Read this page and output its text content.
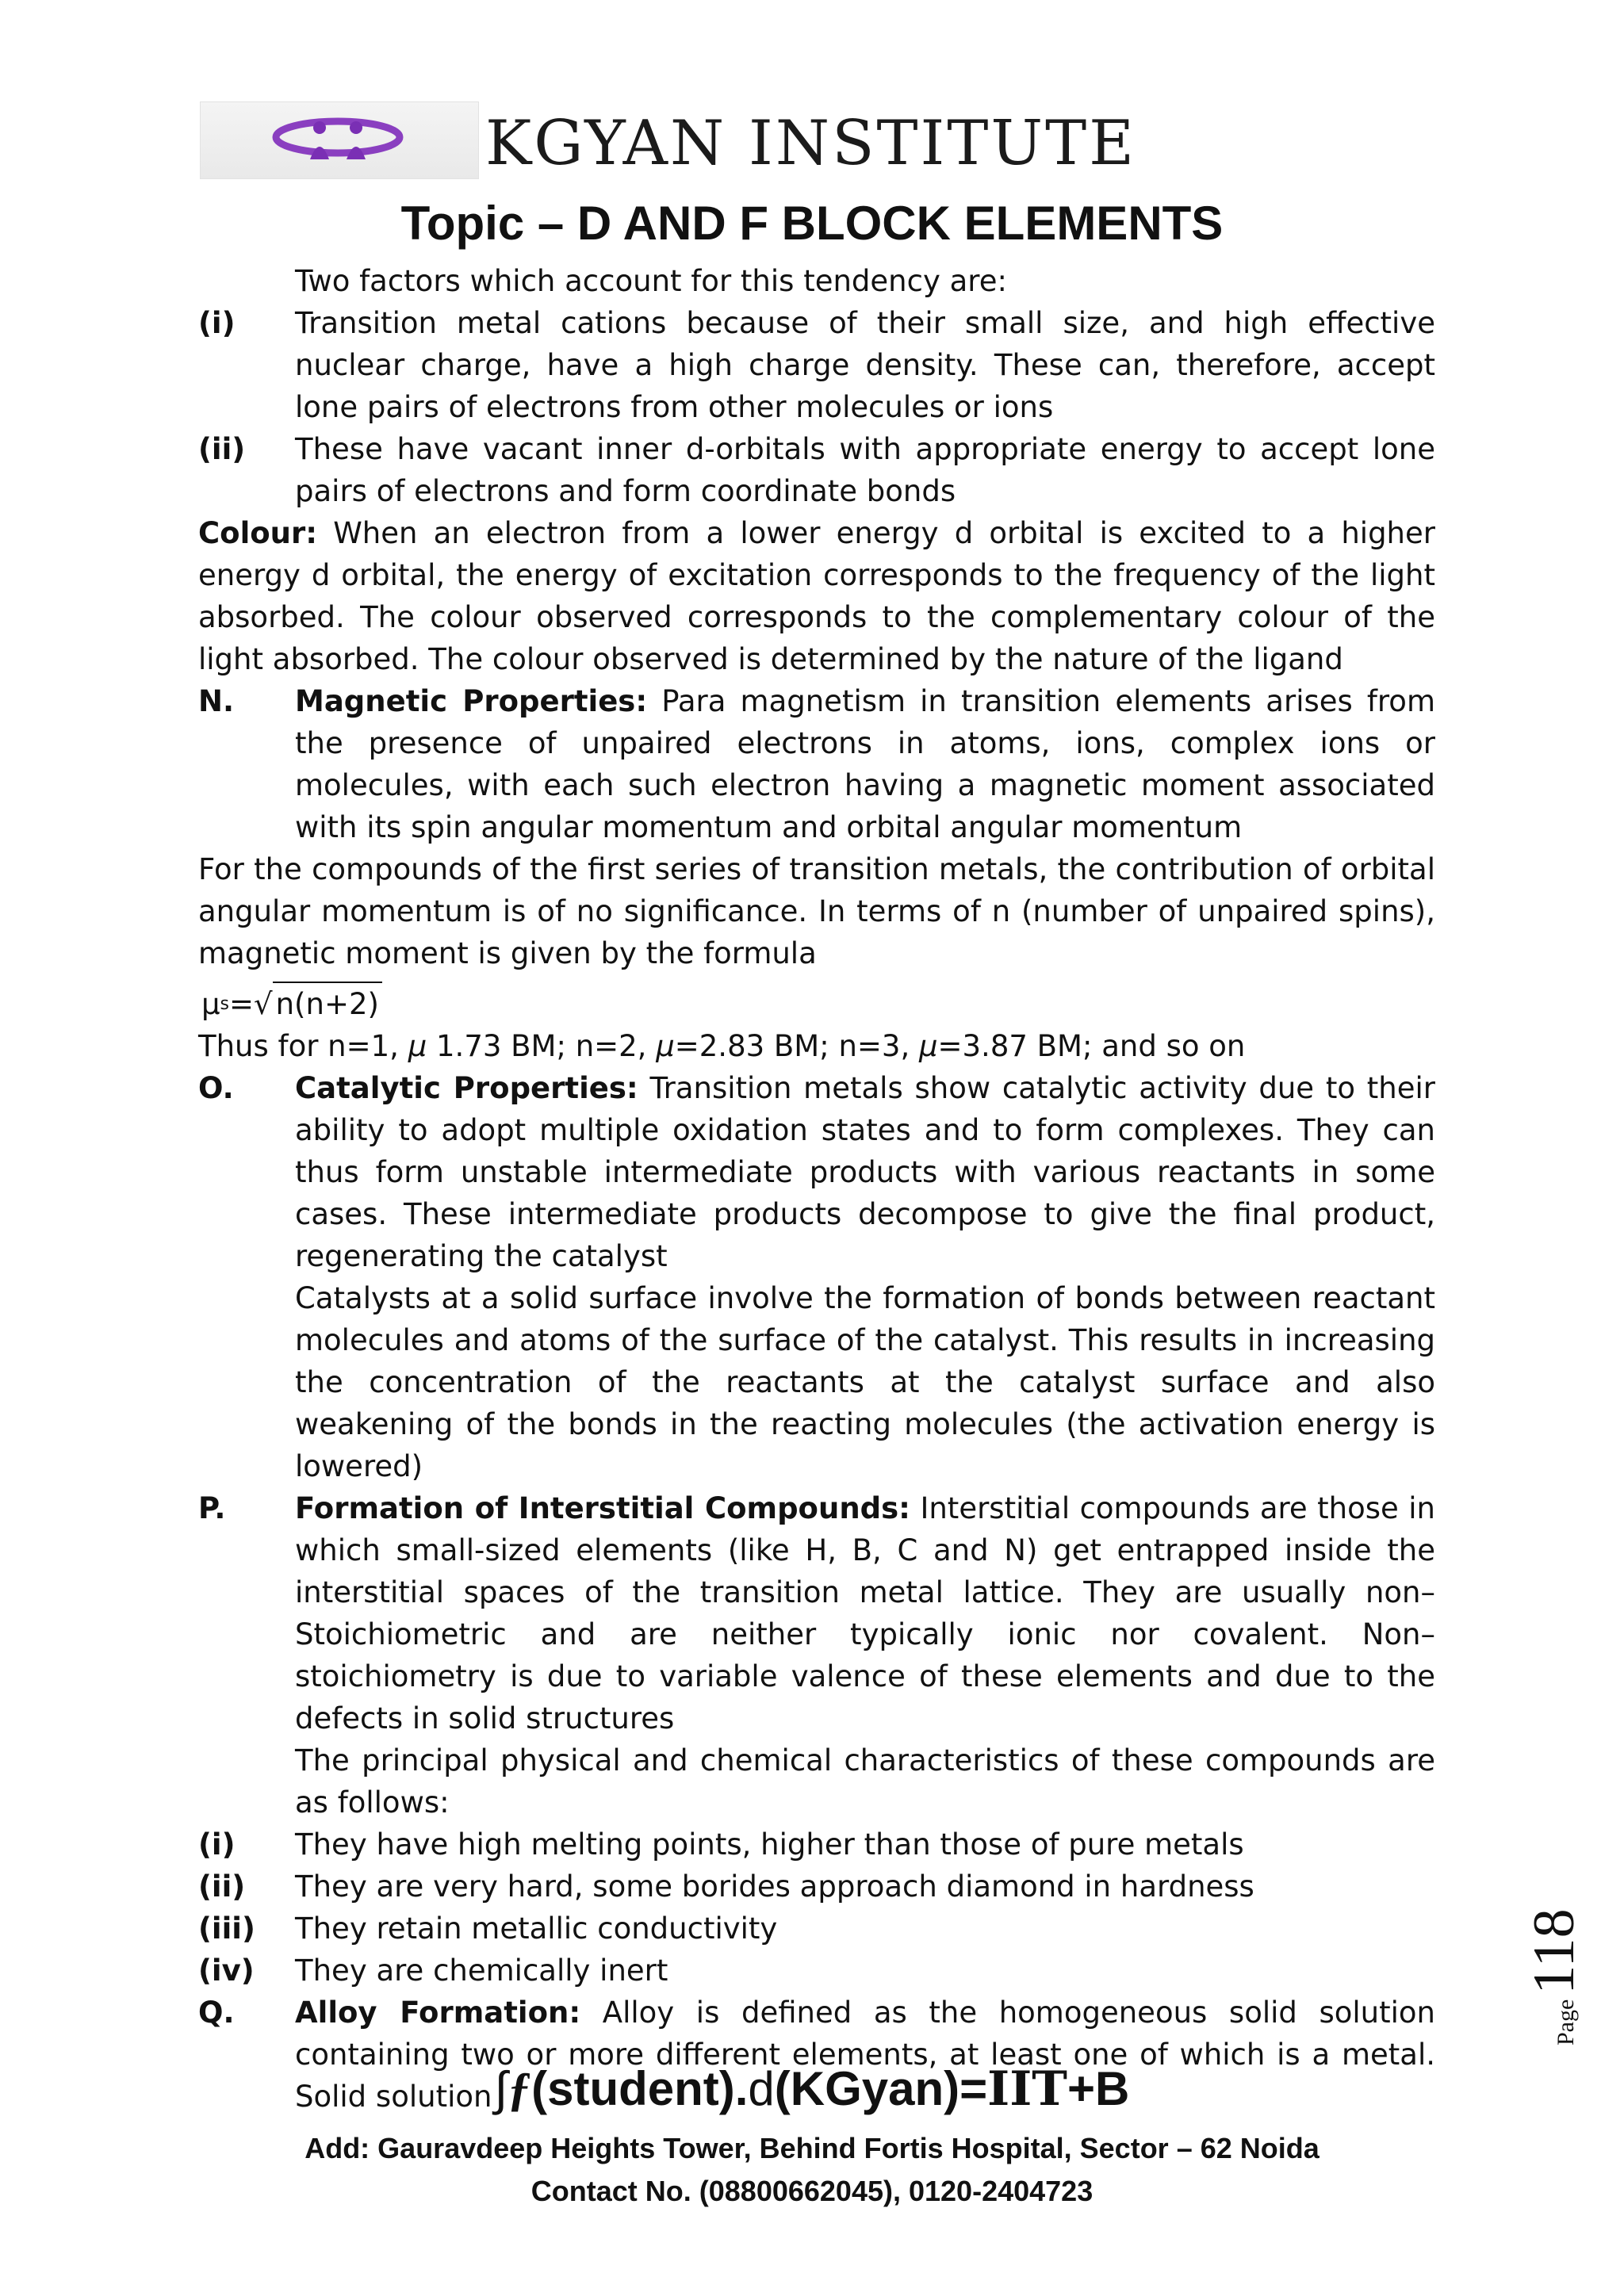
KGYAN INSTITUTE
Topic – D AND F BLOCK ELEMENTS
Two factors which account for this tendency are:
(i)	Transition metal cations because of their small size, and high effective nuclear charge, have a high charge density. These can, therefore, accept lone pairs of electrons from other molecules or ions
(ii)	These have vacant inner d-orbitals with appropriate energy to accept lone pairs of electrons and form coordinate bonds
Colour: When an electron from a lower energy d orbital is excited to a higher energy d orbital, the energy of excitation corresponds to the frequency of the light absorbed. The colour observed corresponds to the complementary colour of the light absorbed. The colour observed is determined by the nature of the ligand
N.	Magnetic Properties: Para magnetism in transition elements arises from the presence of unpaired electrons in atoms, ions, complex ions or molecules, with each such electron having a magnetic moment associated with its spin angular momentum and orbital angular momentum
For the compounds of the first series of transition metals, the contribution of orbital angular momentum is of no significance. In terms of n (number of unpaired spins), magnetic moment is given by the formula
μ s = √ n(n+2)
Thus for n=1, μ 1.73 BM; n=2, μ=2.83 BM; n=3, μ=3.87 BM; and so on
O.	Catalytic Properties: Transition metals show catalytic activity due to their ability to adopt multiple oxidation states and to form complexes. They can thus form unstable intermediate products with various reactants in some cases. These intermediate products decompose to give the final product, regenerating the catalyst
Catalysts at a solid surface involve the formation of bonds between reactant molecules and atoms of the surface of the catalyst. This results in increasing the concentration of the reactants at the catalyst surface and also weakening of the bonds in the reacting molecules (the activation energy is lowered)
P.	Formation of Interstitial Compounds: Interstitial compounds are those in which small-sized elements (like H, B, C and N) get entrapped inside the interstitial spaces of the transition metal lattice. They are usually non–Stoichiometric and are neither typically ionic nor covalent. Non–stoichiometry is due to variable valence of these elements and due to the defects in solid structures
The principal physical and chemical characteristics of these compounds are as follows:
(i)	They have high melting points, higher than those of pure metals
(ii)	They are very hard, some borides approach diamond in hardness
(iii)	They retain metallic conductivity
(iv)	They are chemically inert
Q.	Alloy Formation: Alloy is defined as the homogeneous solid solution containing two or more different elements, at least one of which is a metal. Solid solution
Page
118
∫ƒ(student).d(KGyan)=IIT+B
Add: Gauravdeep Heights Tower, Behind Fortis Hospital, Sector – 62 Noida
Contact No. (08800662045), 0120-2404723
